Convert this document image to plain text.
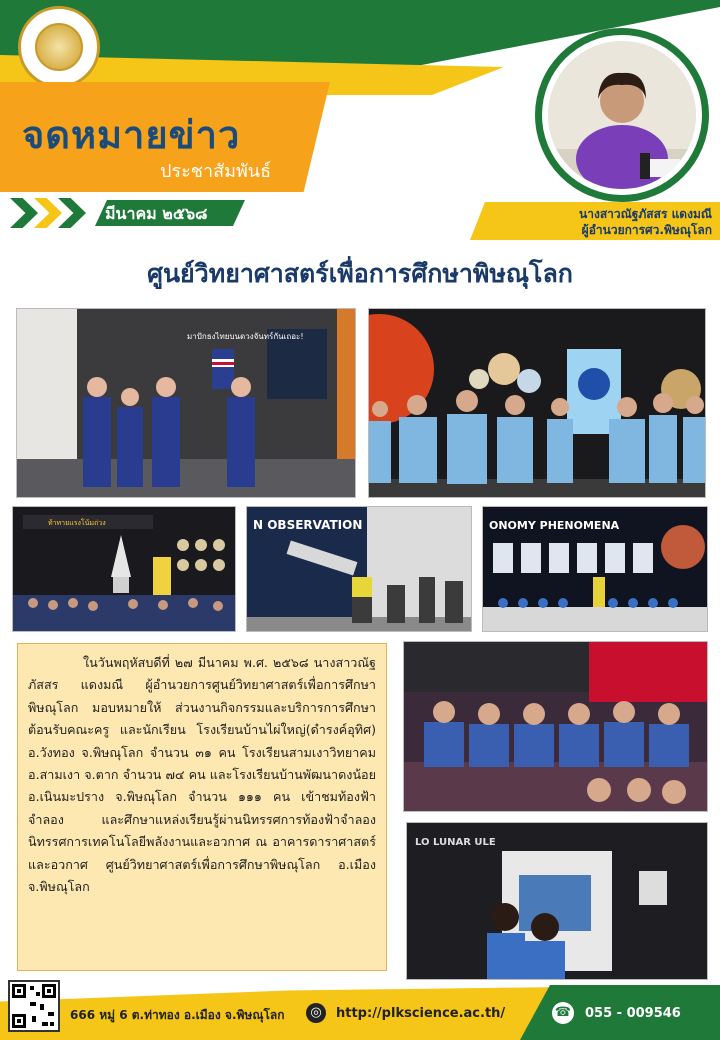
จดหมายข่าว
ประชาสัมพันธ์
มีนาคม ๒๕๖๘	นางสาวณัฐภัสสร แดงมณี
ผู้อำนวยการศว.พิษณุโลก
ศูนย์วิทยาศาสตร์เพื่อการศึกษาพิษณุโลก
มาปักธงไทยบนดวงจันทร์กันเถอะ!
ท้าทายแรงโน้มถ่วง	N OBSERVATION	ONOMY PHENOMENA
ในวันพฤหัสบดีที่ ๒๗ มีนาคม พ.ศ. ๒๕๖๘ นางสาวณัฐภัสสร แดงมณี ผู้อำนวยการศูนย์วิทยาศาสตร์เพื่อการศึกษาพิษณุโลก มอบหมายให้ ส่วนงานกิจกรรมและบริการการศึกษา ต้อนรับคณะครู และนักเรียน โรงเรียนบ้านไผ่ใหญ่(ดำรงค์อุทิศ) อ.วังทอง จ.พิษณุโลก จำนวน ๓๑ คน โรงเรียนสามเงาวิทยาคม อ.สามเงา จ.ตาก จำนวน ๗๔ คน และโรงเรียนบ้านพัฒนาดงน้อย อ.เนินมะปราง จ.พิษณุโลก จำนวน ๑๑๑ คน เข้าชมท้องฟ้าจำลอง และศึกษาแหล่งเรียนรู้ผ่านนิทรรศการท้องฟ้าจำลอง นิทรรศการเทคโนโลยีพลังงานและอวกาศ ณ อาคารดาราศาสตร์และอวกาศ ศูนย์วิทยาศาสตร์เพื่อการศึกษาพิษณุโลก อ.เมือง จ.พิษณุโลก
LO LUNAR ULE
666 หมู่ 6 ต.ท่าทอง อ.เมือง จ.พิษณุโลก	◎	http://plkscience.ac.th/	☎ 055 - 009546
